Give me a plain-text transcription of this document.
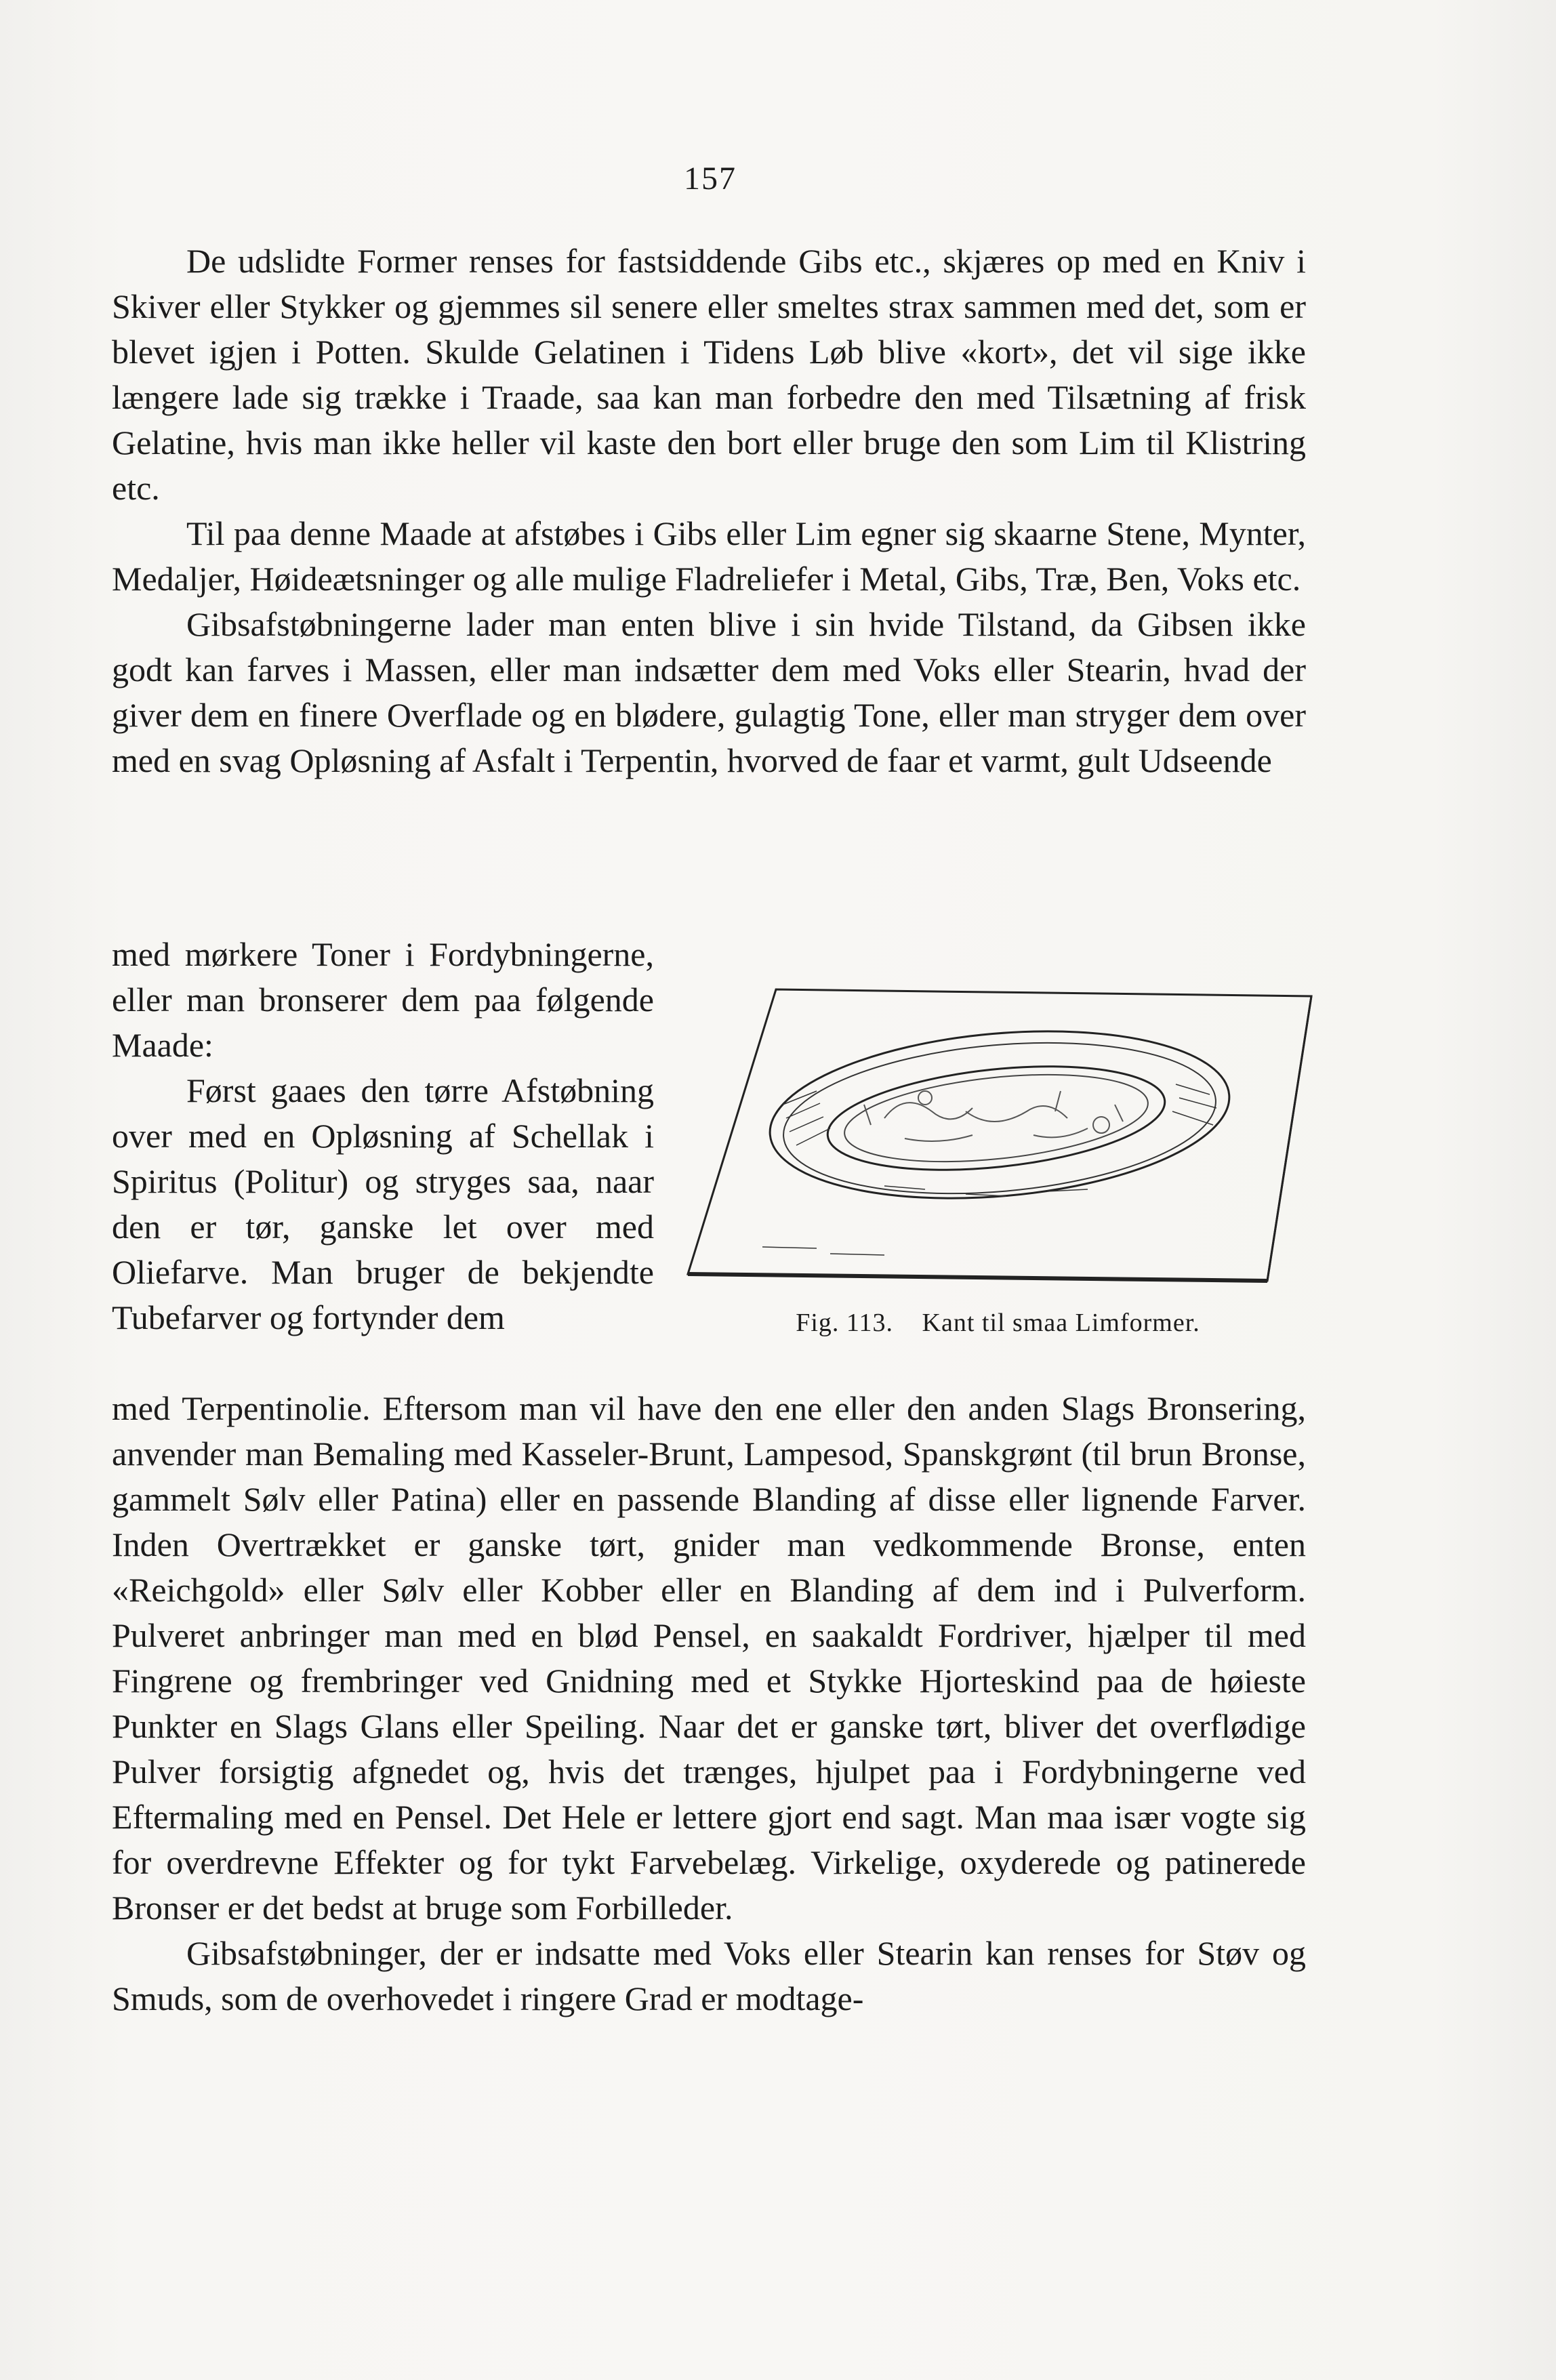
157

De udslidte Former renses for fastsiddende Gibs etc., skjæres op med en Kniv i Skiver eller Stykker og gjemmes sil senere eller smeltes strax sammen med det, som er blevet igjen i Potten. Skulde Gelatinen i Tidens Løb blive «kort», det vil sige ikke længere lade sig trække i Traade, saa kan man forbedre den med Tilsætning af frisk Gelatine, hvis man ikke heller vil kaste den bort eller bruge den som Lim til Klistring etc.

Til paa denne Maade at afstøbes i Gibs eller Lim egner sig skaarne Stene, Mynter, Medaljer, Høideætsninger og alle mulige Fladreliefer i Metal, Gibs, Træ, Ben, Voks etc.

Gibsafstøbningerne lader man enten blive i sin hvide Tilstand, da Gibsen ikke godt kan farves i Massen, eller man indsætter dem med Voks eller Stearin, hvad der giver dem en finere Overflade og en blødere, gulagtig Tone, eller man stryger dem over med en svag Opløsning af Asfalt i Terpentin, hvorved de faar et varmt, gult Udseende

med mørkere Toner i Fordybningerne, eller man bronserer dem paa følgende Maade:

Først gaaes den tørre Afstøbning over med en Opløsning af Schellak i Spiritus (Politur) og stryges saa, naar den er tør, ganske let over med Oliefarve. Man bruger de bekjendte Tubefarver og fortynder dem	Fig. 113. Kant til smaa Limformer.

med Terpentinolie. Eftersom man vil have den ene eller den anden Slags Bronsering, anvender man Bemaling med Kasseler-Brunt, Lampesod, Spanskgrønt (til brun Bronse, gammelt Sølv eller Patina) eller en passende Blanding af disse eller lignende Farver. Inden Overtrækket er ganske tørt, gnider man vedkommende Bronse, enten «Reichgold» eller Sølv eller Kobber eller en Blanding af dem ind i Pulverform. Pulveret anbringer man med en blød Pensel, en saakaldt Fordriver, hjælper til med Fingrene og frembringer ved Gnidning med et Stykke Hjorteskind paa de høieste Punkter en Slags Glans eller Speiling. Naar det er ganske tørt, bliver det overflødige Pulver forsigtig afgnedet og, hvis det trænges, hjulpet paa i Fordybningerne ved Eftermaling med en Pensel. Det Hele er lettere gjort end sagt. Man maa især vogte sig for overdrevne Effekter og for tykt Farvebelæg. Virkelige, oxyderede og patinerede Bronser er det bedst at bruge som Forbilleder.

Gibsafstøbninger, der er indsatte med Voks eller Stearin kan renses for Støv og Smuds, som de overhovedet i ringere Grad er modtage-
